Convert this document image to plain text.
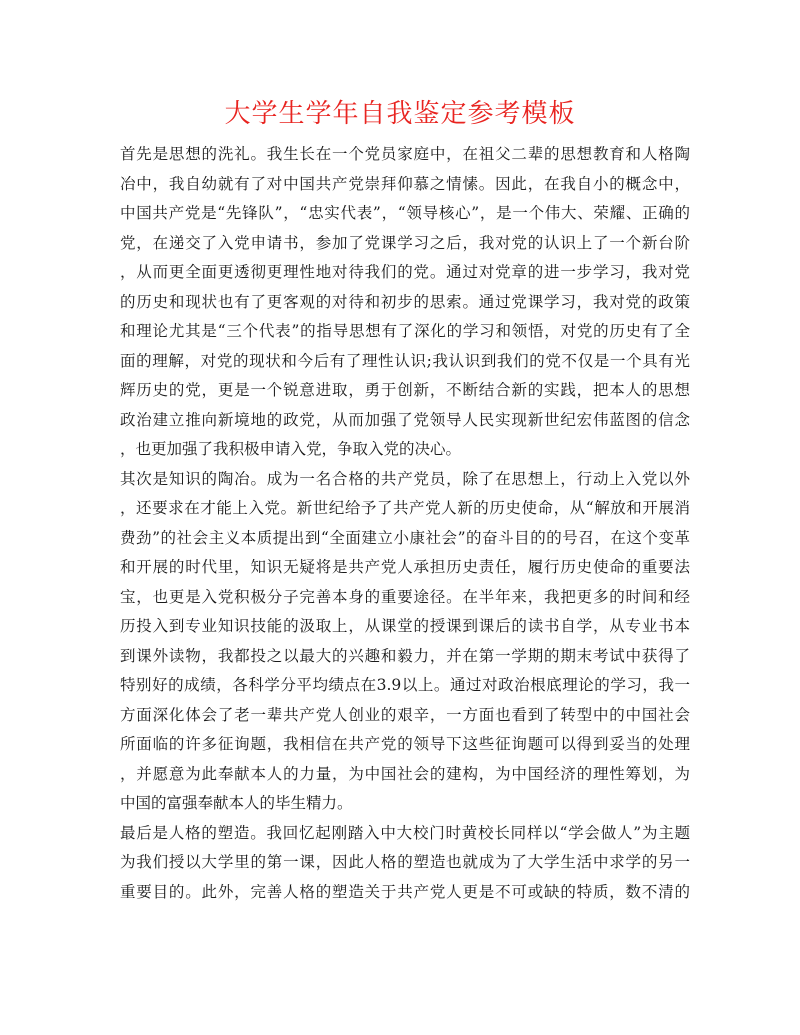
大学生学年自我鉴定参考模板
首先是思想的洗礼。我生长在一个党员家庭中，在祖父二辈的思想教育和人格陶
冶中，我自幼就有了对中国共产党崇拜仰慕之情愫。因此，在我自小的概念中，
中国共产党是“先锋队”，“忠实代表”，“领导核心”，是一个伟大、荣耀、正确的
党，在递交了入党申请书，参加了党课学习之后，我对党的认识上了一个新台阶
，从而更全面更透彻更理性地对待我们的党。通过对党章的进一步学习，我对党
的历史和现状也有了更客观的对待和初步的思索。通过党课学习，我对党的政策
和理论尤其是“三个代表”的指导思想有了深化的学习和领悟，对党的历史有了全
面的理解，对党的现状和今后有了理性认识;我认识到我们的党不仅是一个具有光
辉历史的党，更是一个锐意进取，勇于创新，不断结合新的实践，把本人的思想
政治建立推向新境地的政党，从而加强了党领导人民实现新世纪宏伟蓝图的信念
，也更加强了我积极申请入党，争取入党的决心。
其次是知识的陶冶。成为一名合格的共产党员，除了在思想上，行动上入党以外
，还要求在才能上入党。新世纪给予了共产党人新的历史使命，从“解放和开展消
费劲”的社会主义本质提出到“全面建立小康社会”的奋斗目的的号召，在这个变革
和开展的时代里，知识无疑将是共产党人承担历史责任，履行历史使命的重要法
宝，也更是入党积极分子完善本身的重要途径。在半年来，我把更多的时间和经
历投入到专业知识技能的汲取上，从课堂的授课到课后的读书自学，从专业书本
到课外读物，我都投之以最大的兴趣和毅力，并在第一学期的期末考试中获得了
特别好的成绩，各科学分平均绩点在3.9以上。通过对政治根底理论的学习，我一
方面深化体会了老一辈共产党人创业的艰辛，一方面也看到了转型中的中国社会
所面临的许多征询题，我相信在共产党的领导下这些征询题可以得到妥当的处理
，并愿意为此奉献本人的力量，为中国社会的建构，为中国经济的理性筹划，为
中国的富强奉献本人的毕生精力。
最后是人格的塑造。我回忆起刚踏入中大校门时黄校长同样以“学会做人”为主题
为我们授以大学里的第一课，因此人格的塑造也就成为了大学生活中求学的另一
重要目的。此外，完善人格的塑造关于共产党人更是不可或缺的特质，数不清的
